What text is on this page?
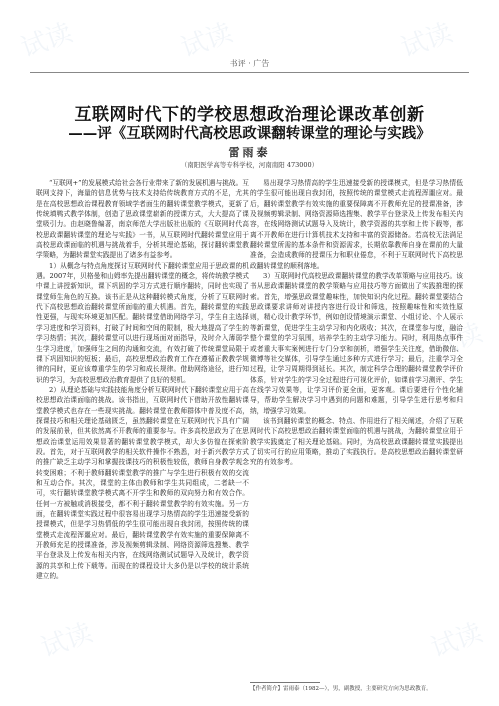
试读	试读	试读
试读	试读
试读	试读
书评 · 广告
互联网时代下的学校思想政治理论课改革创新
——评《互联网时代高校思政课翻转课堂的理论与实践》
雷雨泰
（南阳医学高等专科学校，河南南阳 473000）

“互联网+”的发展模式给社会各行业带来了新的发展机遇与挑战。互联网支持下，海量的信息优势与技术支持给传统教育方式的不足，尤其是在高校思想政治课程教育领域学者面生的翻转课堂教学模式，更新了传统填鸭式教学体制，创造了思政课堂崭新的授课方式，大大提高了课堂吸引力。由赵晓鲁编著，南京师范大学出版社出版的《互联网时代高校思政课翻转课堂的理论与实践》一书，从互联网时代翻转课堂应用于高校思政课面临的机遇与挑战着手，分析其理论基础，探讨翻转课堂教学策略，为翻转课堂实践提出了诸多有益参考。

1）从概念与特点角度探讨互联网时代下翻转课堂应用于思政课的机遇。2007年，贝格曼和山姆率先提出翻转课堂的概念，将传统教学模式中课上讲授新知识，课下巩固的学习方式进行顺序翻转，同时也实现了课堂师生角色的互换。该书正是从这种翻转模式角度，分析了互联网时代下高校思想政治翻转课堂所面临的重大机遇。首先，翻转课堂的实践性更强，与现实环境更加匹配。翻转课堂借助网络学习，学生自主选择学习进度和学习资料，打破了时间和空间的限制，极大地提高了学生的学习热情；其次，翻转课堂可以进行现场面对面指导，及时介入薄弱学生学习进度，加强师生之间的沟通和交流，有效打破了传统课堂局限于课下巩固知识的短板；最后，高校思想政治教育工作在遵循正教教学规律的同时，更应该尊重学生的学习和成长规律。借助网络途径，进行知识的学习，为高校思想政治教育提供了良好的契机。

2）从理论基础与实践技能角度分析互联网时代下翻转课堂应用于高校思想政治课面临的挑战。该书指出，互联网时代下借助开放性翻转课堂教学模式也存在一些现实挑战。翻转课堂在教师群体中普及度不高，探课技巧和相关理论基础匮乏，虽然翻转课堂在互联网时代下具有广阔的发展前景，但其依然离不开教师的重要参与。许多高校思政为了在思想政治课堂运用效果显著的翻转课堂教学模式，却大多仿徨在探索阶段。首先，对于互联网教学的相关软件操作不熟悉，对于新兴教学方式的推广缺乏主动学习和掌握技课技巧的积极性较低，教师自身教学观念转变困难；不利于教师翻转课堂教学的推广与学生进行积极有效的交流和互动合作。其次，课堂的主体由教师和学生共同组成，二者缺一不可，实行翻转课堂教学模式离不开学生和教师的双向努力和有效合作。任何一方被触或消极接受，都不利于翻转课堂教学的有效实施。另一方面，在翻转课堂实践过程中很容易出现学习热情高的学生迅速接受新的授课模式，但是学习热情低的学生很可能出现自我封闭，按照传统的课堂模式走流程浑噩应对。最后，翻转课堂教学有效实施的重要保障离不开教师充足的授课准备，涉及视频剪辑录制、网络资源筛选搜集、教学平台登录及上传发布相关内容，在线网络测试试题导入及统计，教学资源的共享和上传下载等。而现在的课程设计大多仍是以学校的统计系统建立的。

易出现学习热情高的学生迅速接受新的授课模式，但是学习热情低的学生很可能出现自我封闭，按照传统的课堂模式走流程浑噩应对。最后，翻转课堂教学有效实施的重要保障离不开教师充足的授课准备，涉及视频剪辑录制、网络资源筛选搜集、教学平台登录及上传发布相关内容，在线网络测试试题导入及统计，教学资源的共享和上传下载等，都离不开教师在进行计算机技术支持和丰富的资源储备。若高校无法满足翻转课堂所需的基本条件和资源需求，长期依靠教师自身在课前的大量准备，会造成教师的授课压力和职业倦怠，不利于互联网时代下高校思政翻转课堂的顺利落地。

3）互联网时代高校思政课翻转课堂的教学改革策略与应用技巧。该书从思政课翻转课堂的教学策略与应用技巧等方面做出了实践推理的探索。首先，增强思政课堂趣味性，加快知识内化过程。翻转课堂要结合思政课要求讲师对讲授内容进行设计和筛选，按照趣味性和实效性原则，精心设计教学环节，例如创设情境演示课堂、小组讨论、个人展示等新课堂，促进学生主动学习和内化吸收；其次，在课堂参与度，融洽整个课堂的学习氛围，培养学生的主动学习能力。同时，利用热点事件或者重大事实案例进行专门分享和剖析，增强学生关注度，借助微信、微博等社交媒体，引导学生通过多种方式进行学习；最后，注重学习全过程，让学习周期得到延长。其次，制定科学合理的翻转课堂教学评价体系，针对学生的学习全过程进行可视化评价，如课前学习测评、学生在线学习效果等，让学习评价更全面，更客观。课后要进行个性化辅导，帮助学生解决学习中遇到的问题和难题，引导学生进行思考和归纳，增强学习效果。

该书到翻转课堂的概念、特点、作用进行了相关阐述，介绍了互联网时代下高校思想政治翻转课堂面临的机遇与挑战，为翻转课堂应用于教学实践奠定了相关理论基础。同时，为高校思政课翻转课堂实践提出了切实可行的应用策略，推动了实践执行。是高校思想政治翻转课堂研究的有效参考。

【作者简介】雷雨泰（1982—），男，副教授，主要研究方向为思政教育。
